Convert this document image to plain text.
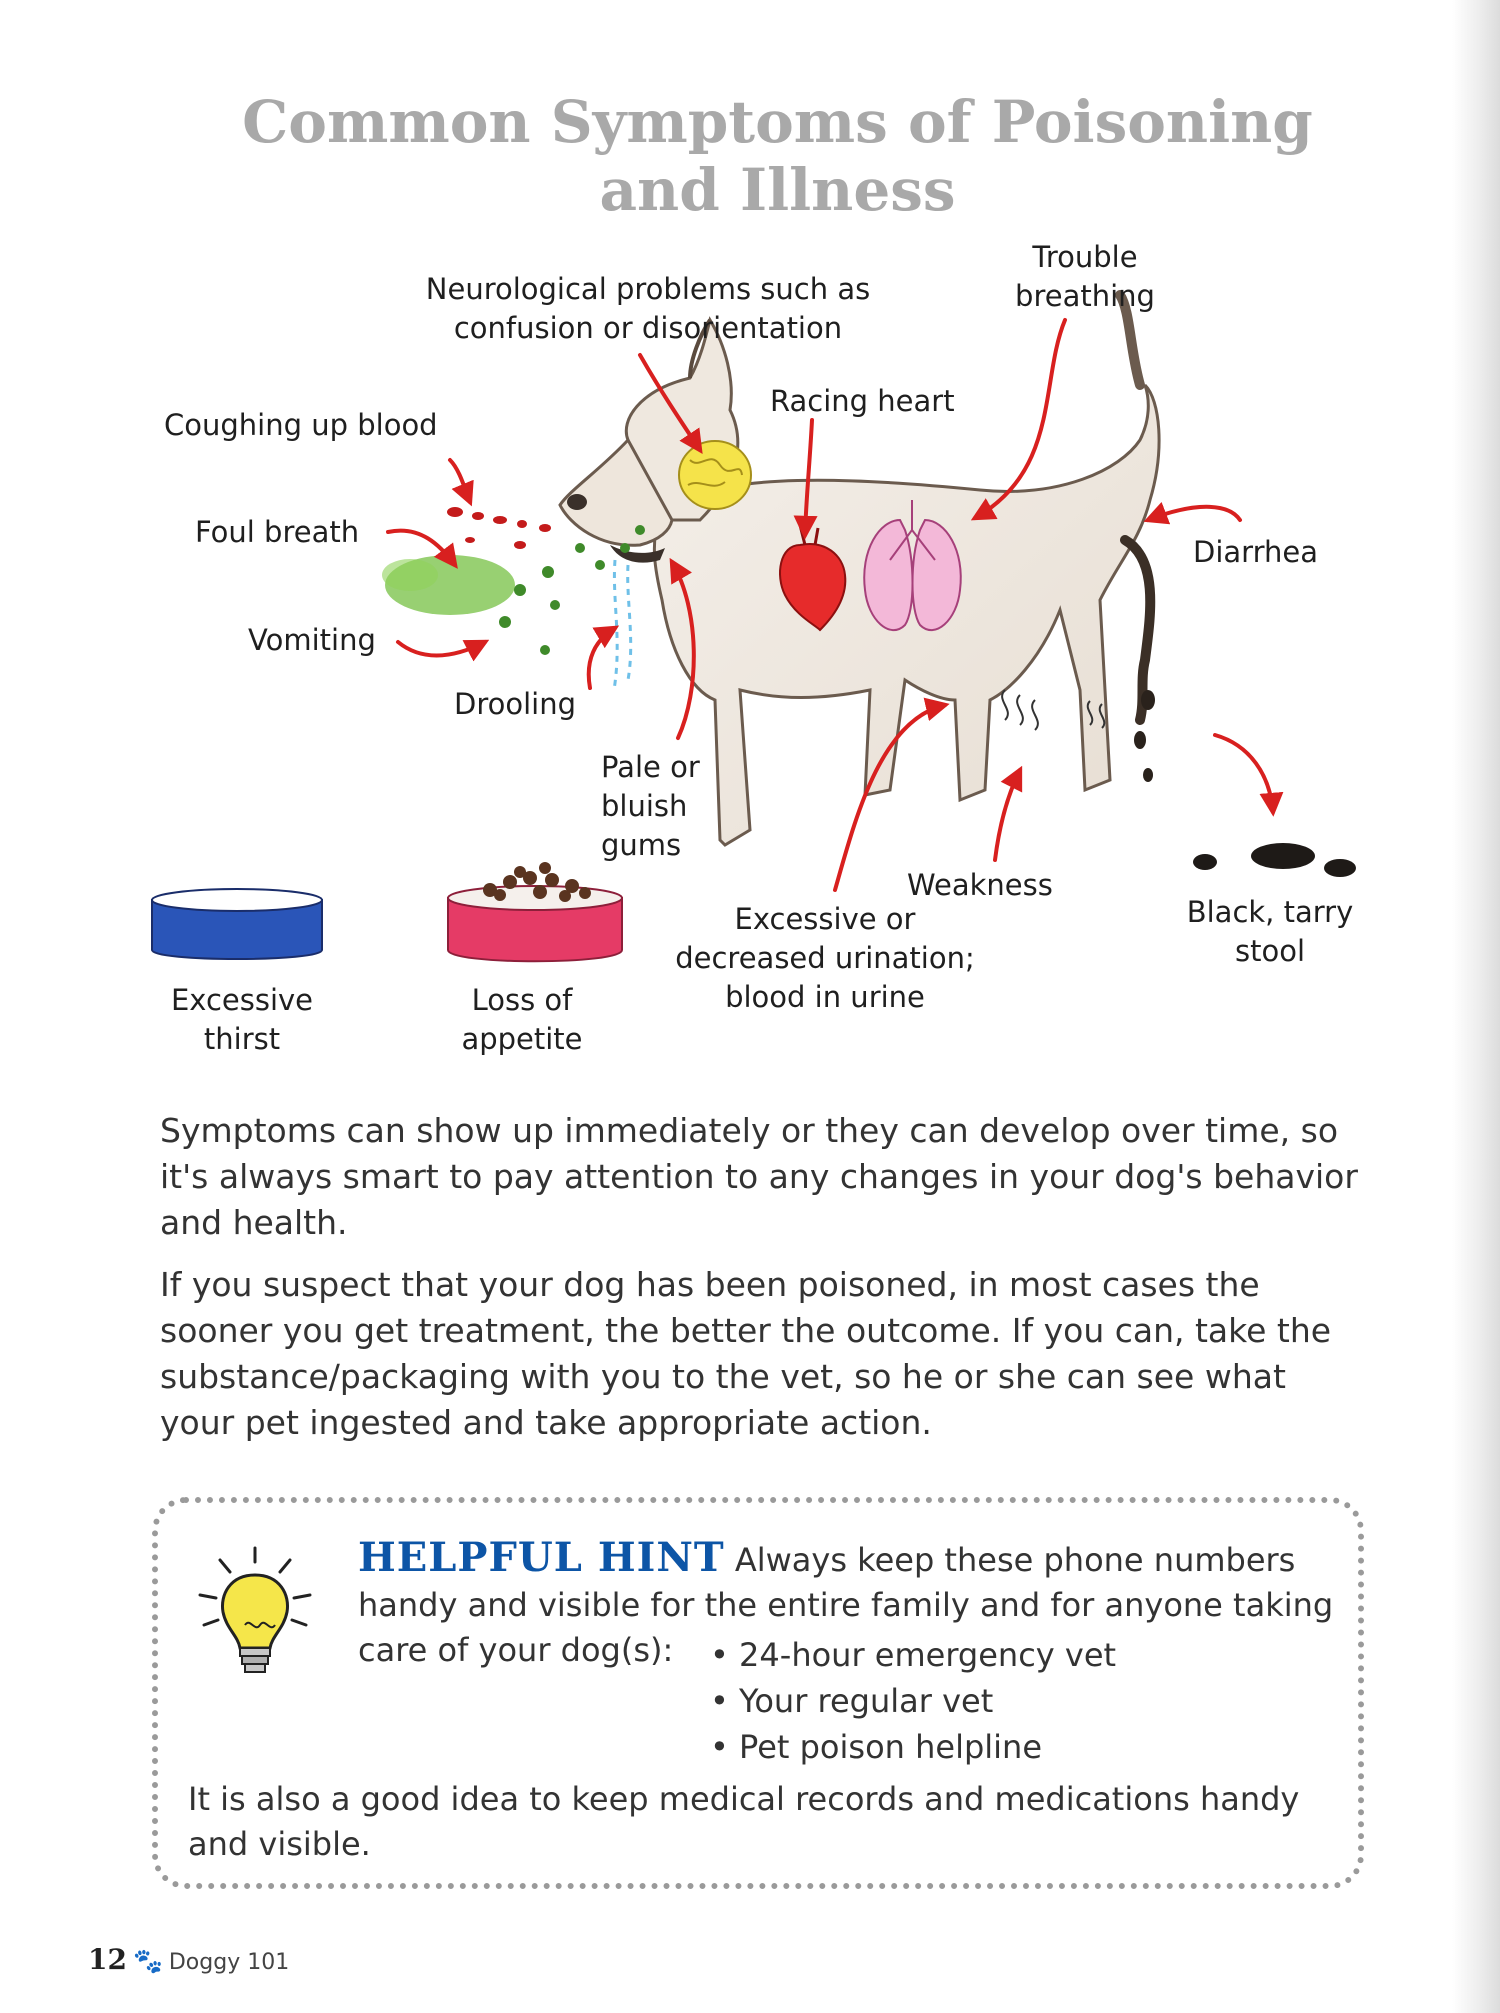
Common Symptoms of Poisoning
and Illness
Neurological problems such as
confusion or disorientation
Trouble
breathing
Racing heart
Coughing up blood
Foul breath
Diarrhea
Vomiting
Drooling
Pale or
bluish
gums
Weakness
Black, tarry
stool
Excessive or
decreased urination;
blood in urine
Excessive
thirst
Loss of
appetite

Symptoms can show up immediately or they can develop over time, so it's always smart to pay attention to any changes in your dog's behavior and health.

If you suspect that your dog has been poisoned, in most cases the sooner you get treatment, the better the outcome. If you can, take the substance/packaging with you to the vet, so he or she can see what your pet ingested and take appropriate action.

HELPFUL HINT Always keep these phone numbers handy and visible for the entire family and for anyone taking care of your dog(s):

•	24-hour emergency vet
• Your regular vet
• Pet poison helpline

It is also a good idea to keep medical records and medications handy and visible.

12 🐾 Doggy 101
